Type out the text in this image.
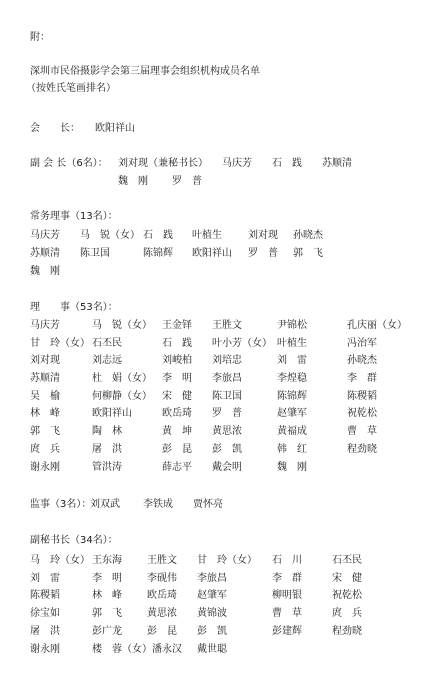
附：
深圳市民俗摄影学会第三届理事会组织机构成员名单
（按姓氏笔画排名）
会　　长： 欧阳祥山
副 会 长（6名）： 刘对现（兼秘书长） 马庆芳 石　践 苏顺清
魏　刚 罗　普
常务理事（13名）：
马庆芳 马　锐（女） 石　践 叶植生	刘对现 孙晓杰
苏顺清 陈卫国	陈锦辉 欧阳祥山 罗　普 郭　飞
魏　刚
理　　事（53名）：
马庆芳	马　锐（女） 王金铎 王胜文	尹锦松	孔庆丽（女）
甘　玲（女） 石丕民	石　践 叶小芳（女） 叶植生	冯治军
刘对现	刘志远	刘峻柏 刘培忠	刘　雷	孙晓杰
苏顺清	杜　娟（女） 李　明 李旅昌	李煌稳	李　群
吴　榆	何柳静（女） 宋　健 陈卫国	陈锦辉	陈稷韬
林　峰	欧阳祥山	欧岳琦 罗　普	赵肇军	祝乾松
郭　飞	陶　林	黄　坤 黄思浓	黄福成	曹　草
庹　兵	屠　洪	彭　昆 彭　凯	韩　红	程劲晓
谢永刚	管洪涛	薛志平 戴会明	魏　刚
监事（3名）：
刘双武 李铁成 贾怀亮
副秘书长（34名）：
马　玲（女） 王东海	王胜文 甘　玲（女） 石　川	石丕民
刘　雷	李　明	李砚伟 李旅昌	李　群	宋　健
陈稷韬	林　峰	欧岳琦 赵肇军	柳明银	祝乾松
徐宝如	郭　飞	黄思浓 黄锦波	曹　草	庹　兵
屠　洪	彭广龙	彭　昆 彭　凯	彭建辉	程劲晓
谢永刚	楼　蓉（女）潘永汉 戴世聪
